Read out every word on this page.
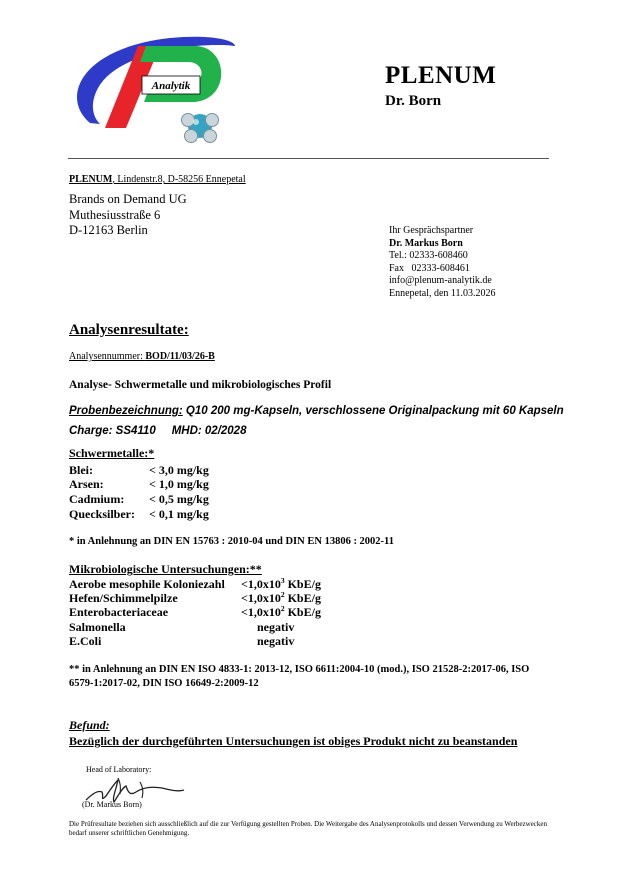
Analytik	PLENUM
Dr. Born
PLENUM, Lindenstr.8, D-58256 Ennepetal
Brands on Demand UG
Muthesiusstraße 6
D-12163 Berlin	Ihr Gesprächspartner
Dr. Markus Born
Tel.: 02333-608460
Fax   02333-608461
info@plenum-analytik.de
Ennepetal, den 11.03.2026
Analysenresultate:
Analysennummer: BOD/11/03/26-B
Analyse- Schwermetalle und mikrobiologisches Profil
Probenbezeichnung: Q10 200 mg-Kapseln, verschlossene Originalpackung mit 60 Kapseln
Charge: SS4110     MHD: 02/2028
Schwermetalle:*
Blei:	< 3,0 mg/kg
Arsen:	< 1,0 mg/kg
Cadmium: < 0,5 mg/kg
Quecksilber: < 0,1 mg/kg
* in Anlehnung an DIN EN 15763 : 2010-04 und DIN EN 13806 : 2002-11
Mikrobiologische Untersuchungen:**
Aerobe mesophile Koloniezahl $<1,0x10^3$ KbE/g
Hefen/Schimmelpilze	$<1,0x10^2$ KbE/g
Enterobacteriaceae	$<1,0x10^2$ KbE/g
Salmonella	negativ
E.Coli	negativ
** in Anlehnung an DIN EN ISO 4833-1: 2013-12, ISO 6611:2004-10 (mod.), ISO 21528-2:2017-06, ISO 6579-1:2017-02, DIN ISO 16649-2:2009-12
Befund:
Bezüglich der durchgeführten Untersuchungen ist obiges Produkt nicht zu beanstanden
Head of Laboratory:
(Dr. Markus Born)
Die Prüfresultate beziehen sich ausschließlich auf die zur Verfügung gestellten Proben. Die Weitergabe des Analysenprotokolls und dessen Verwendung zu Werbezwecken bedarf unserer schriftlichen Genehmigung.
